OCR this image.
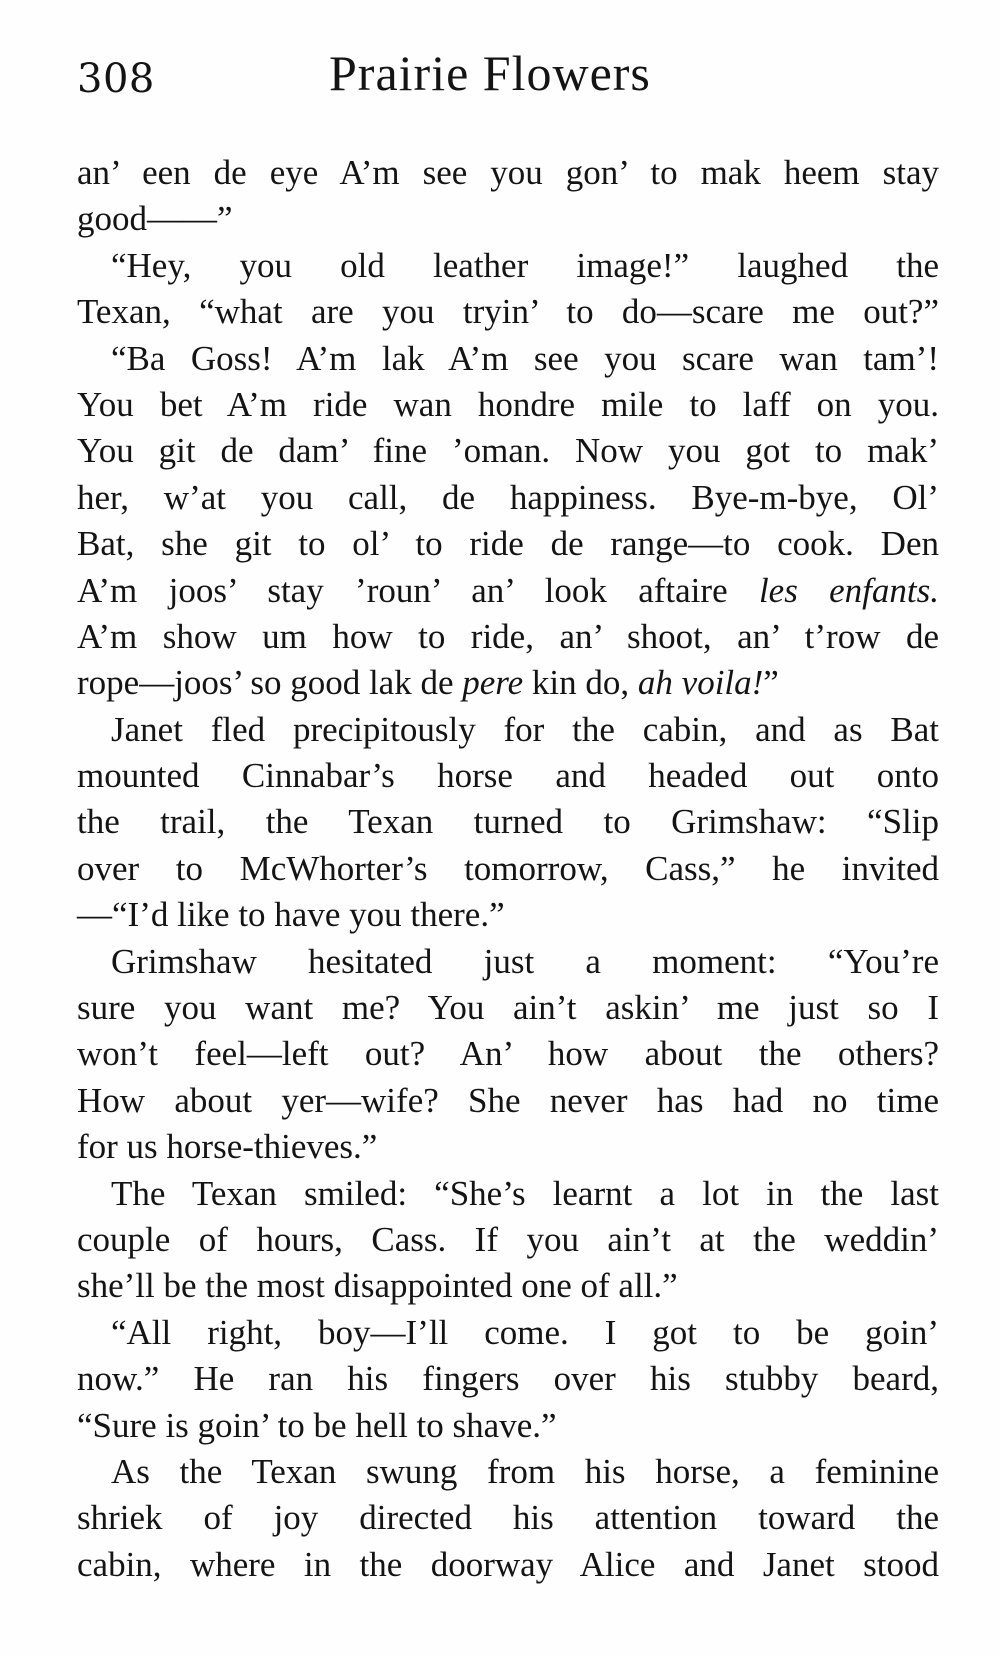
308	Prairie Flowers
an’ een de eye A’m see you gon’ to mak heem stay
good——”
“Hey, you old leather image!” laughed the
Texan, “what are you tryin’ to do—scare me out?”
“Ba Goss! A’m lak A’m see you scare wan tam’!
You bet A’m ride wan hondre mile to laff on you.
You git de dam’ fine ’oman. Now you got to mak’
her, w’at you call, de happiness. Bye-m-bye, Ol’
Bat, she git to ol’ to ride de range—to cook. Den
A’m joos’ stay ’roun’ an’ look aftaire les enfants.
A’m show um how to ride, an’ shoot, an’ t’row de
rope—joos’ so good lak de pere kin do, ah voila!”
Janet fled precipitously for the cabin, and as Bat
mounted Cinnabar’s horse and headed out onto
the trail, the Texan turned to Grimshaw: “Slip
over to McWhorter’s tomorrow, Cass,” he invited
—“I’d like to have you there.”
Grimshaw hesitated just a moment: “You’re
sure you want me? You ain’t askin’ me just so I
won’t feel—left out? An’ how about the others?
How about yer—wife? She never has had no time
for us horse-thieves.”
The Texan smiled: “She’s learnt a lot in the last
couple of hours, Cass. If you ain’t at the weddin’
she’ll be the most disappointed one of all.”
“All right, boy—I’ll come. I got to be goin’
now.” He ran his fingers over his stubby beard,
“Sure is goin’ to be hell to shave.”
As the Texan swung from his horse, a feminine
shriek of joy directed his attention toward the
cabin, where in the doorway Alice and Janet stood
